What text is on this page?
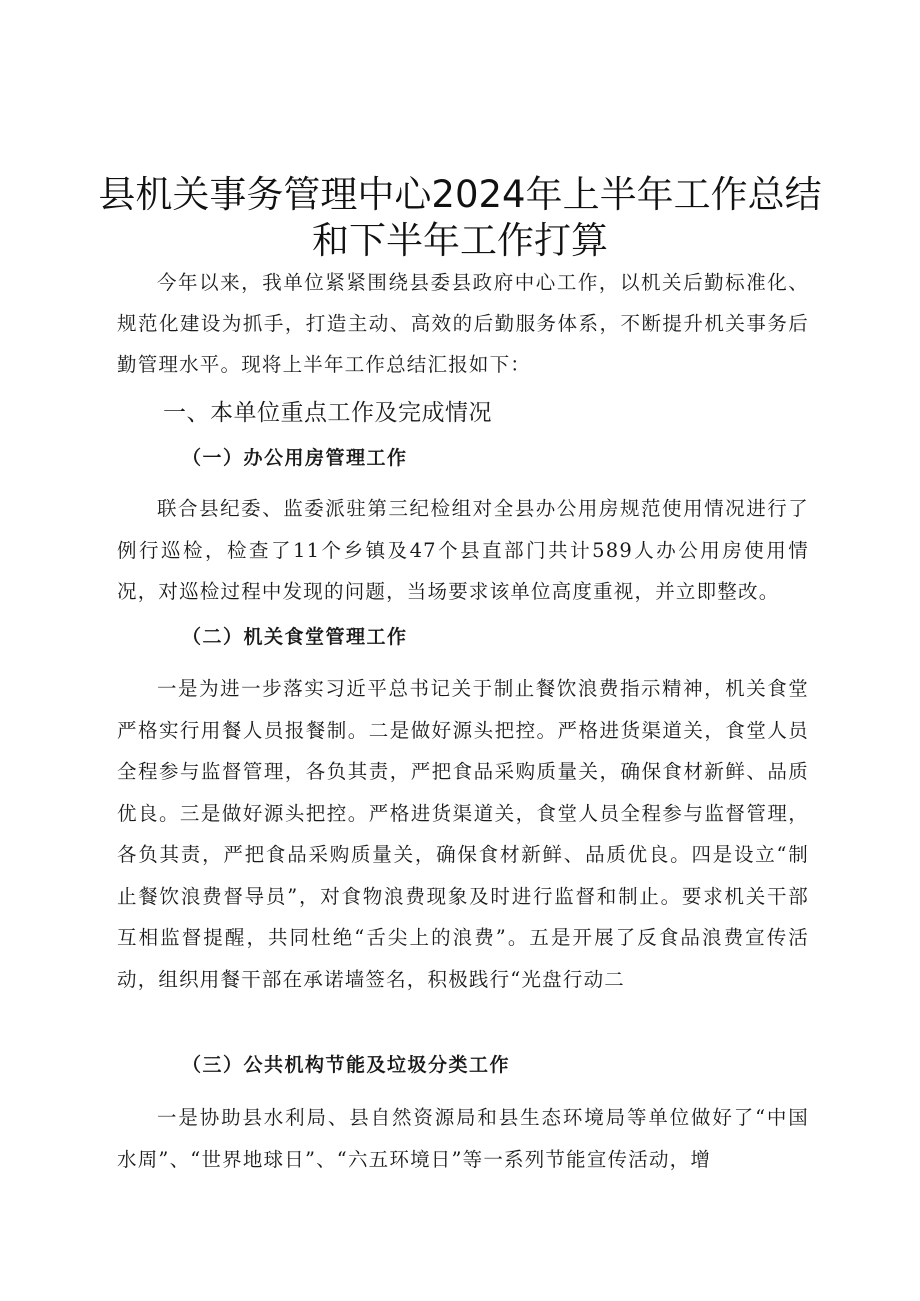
县机关事务管理中心2024年上半年工作总结
和下半年工作打算

今年以来，我单位紧紧围绕县委县政府中心工作，以机关后勤标准化、规范化建设为抓手，打造主动、高效的后勤服务体系，不断提升机关事务后勤管理水平。现将上半年工作总结汇报如下：

一、本单位重点工作及完成情况
（一）办公用房管理工作

联合县纪委、监委派驻第三纪检组对全县办公用房规范使用情况进行了例行巡检，检查了11个乡镇及47个县直部门共计589人办公用房使用情况，对巡检过程中发现的问题，当场要求该单位高度重视，并立即整改。

（二）机关食堂管理工作

一是为进一步落实习近平总书记关于制止餐饮浪费指示精神，机关食堂严格实行用餐人员报餐制。二是做好源头把控。严格进货渠道关，食堂人员全程参与监督管理，各负其责，严把食品采购质量关，确保食材新鲜、品质优良。三是做好源头把控。严格进货渠道关，食堂人员全程参与监督管理，各负其责，严把食品采购质量关，确保食材新鲜、品质优良。四是设立“制止餐饮浪费督导员”，对食物浪费现象及时进行监督和制止。要求机关干部互相监督提醒，共同杜绝“舌尖上的浪费”。五是开展了反食品浪费宣传活动，组织用餐干部在承诺墙签名，积极践行“光盘行动二

（三）公共机构节能及垃圾分类工作

一是协助县水利局、县自然资源局和县生态环境局等单位做好了“中国水周”、“世界地球日”、“六五环境日”等一系列节能宣传活动，增
